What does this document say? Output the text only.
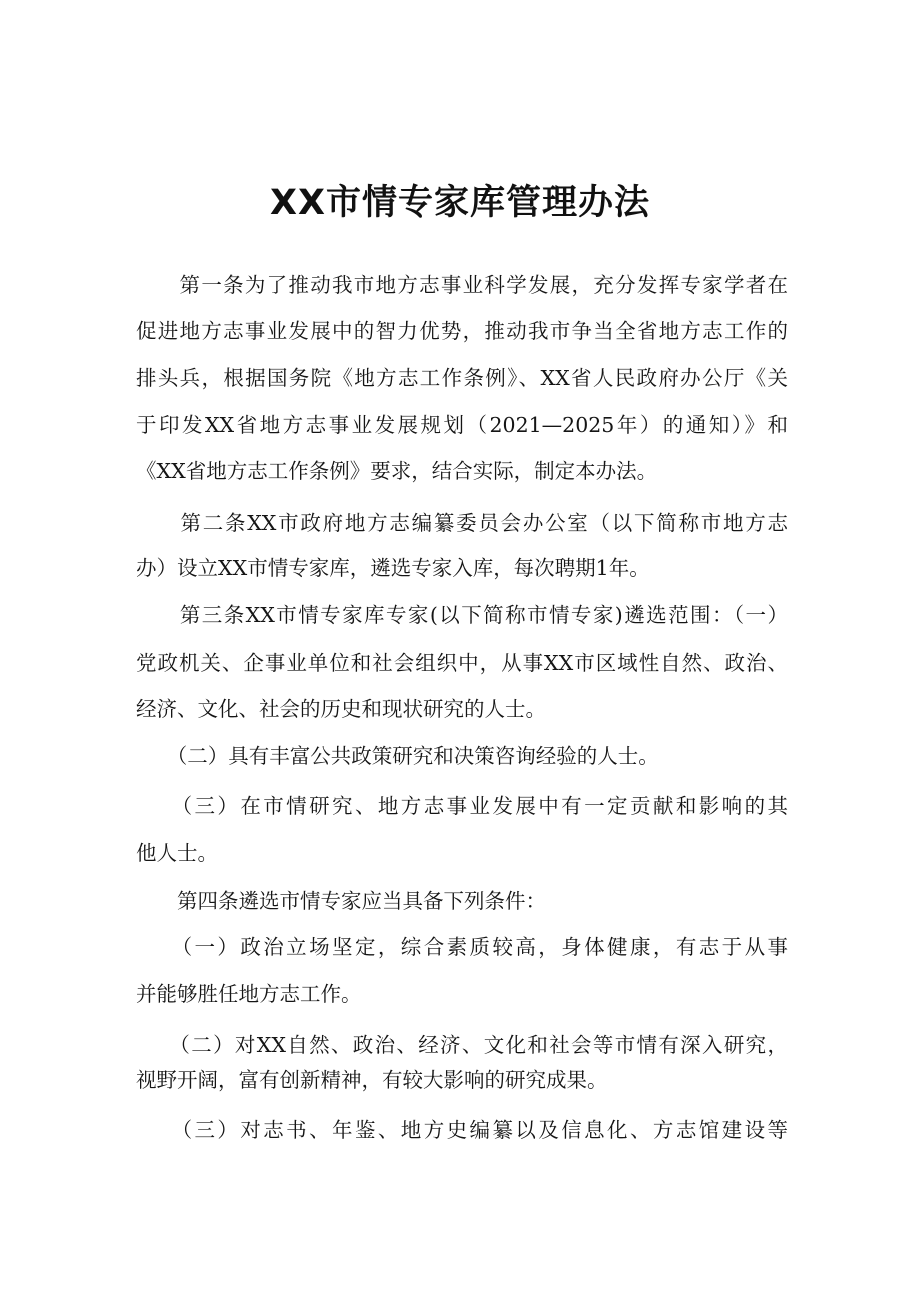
XX市情专家库管理办法
　　第一条为了推动我市地方志事业科学发展，充分发挥专家学者在
促进地方志事业发展中的智力优势，推动我市争当全省地方志工作的
排头兵，根据国务院《地方志工作条例》、XX省人民政府办公厅《关
于印发XX省地方志事业发展规划（2021—2025年）的通知）》和
《XX省地方志工作条例》要求，结合实际，制定本办法。
　　第二条XX市政府地方志编纂委员会办公室（以下简称市地方志
办）设立XX市情专家库，遴选专家入库，每次聘期1年。
　　第三条XX市情专家库专家(以下简称市情专家)遴选范围：（一）
党政机关、企事业单位和社会组织中，从事XX市区域性自然、政治、
经济、文化、社会的历史和现状研究的人士。
　　（二）具有丰富公共政策研究和决策咨询经验的人士。
　　（三）在市情研究、地方志事业发展中有一定贡献和影响的其
他人士。
　　第四条遴选市情专家应当具备下列条件：
　　（一）政治立场坚定，综合素质较高，身体健康，有志于从事
并能够胜任地方志工作。
　　（二）对XX自然、政治、经济、文化和社会等市情有深入研究，
视野开阔，富有创新精神，有较大影响的研究成果。
　　（三）对志书、年鉴、地方史编纂以及信息化、方志馆建设等
